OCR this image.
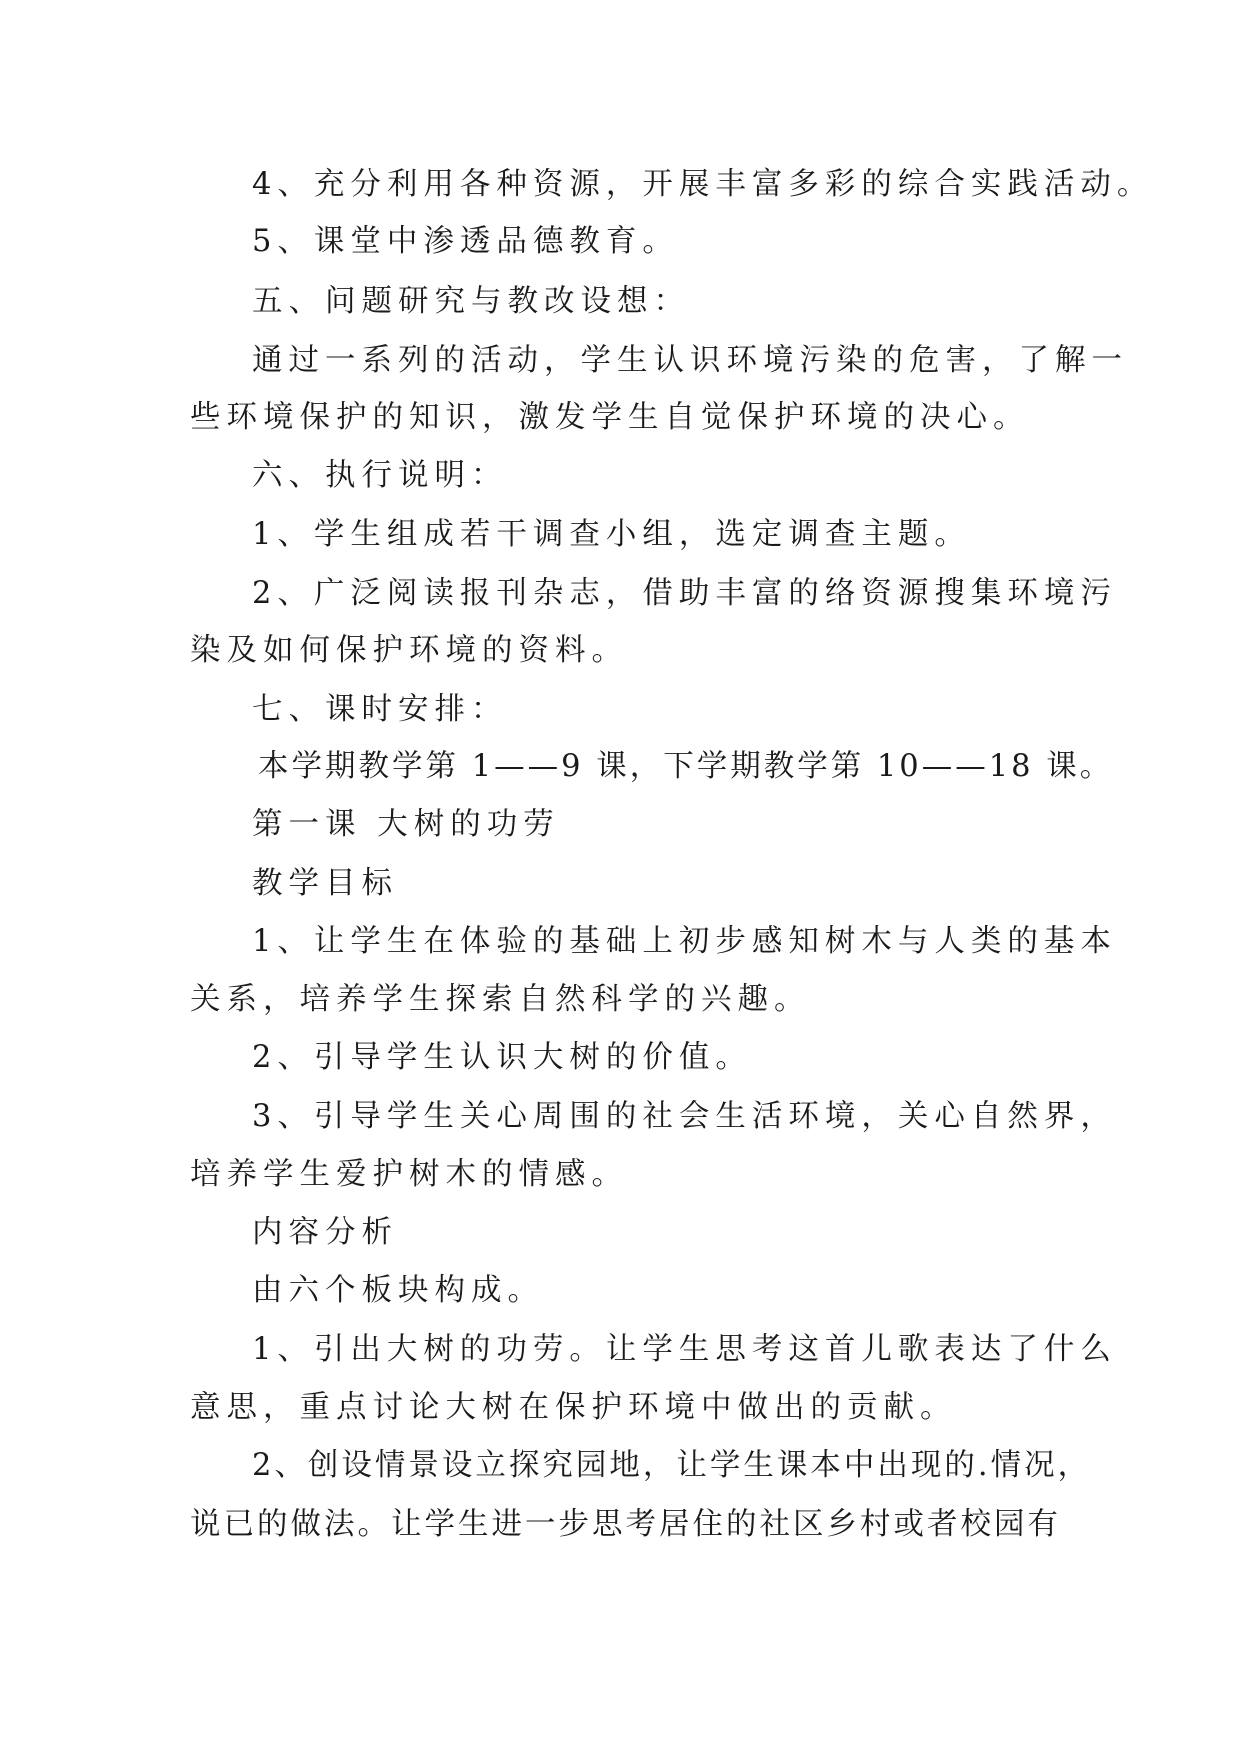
4、充分利用各种资源，开展丰富多彩的综合实践活动。
5、课堂中渗透品德教育。
五、问题研究与教改设想：
通过一系列的活动，学生认识环境污染的危害，了解一
些环境保护的知识，激发学生自觉保护环境的决心。
六、执行说明：
1、学生组成若干调查小组，选定调查主题。
2、广泛阅读报刊杂志，借助丰富的络资源搜集环境污
染及如何保护环境的资料。
七、课时安排：
本学期教学第 1——9 课，下学期教学第 10——18 课。
第一课 大树的功劳
教学目标
1、让学生在体验的基础上初步感知树木与人类的基本
关系，培养学生探索自然科学的兴趣。
2、引导学生认识大树的价值。
3、引导学生关心周围的社会生活环境，关心自然界，
培养学生爱护树木的情感。
内容分析
由六个板块构成。
1、引出大树的功劳。让学生思考这首儿歌表达了什么
意思，重点讨论大树在保护环境中做出的贡献。
2、创设情景设立探究园地，让学生课本中出现的.情况，
说已的做法。让学生进一步思考居住的社区乡村或者校园有
